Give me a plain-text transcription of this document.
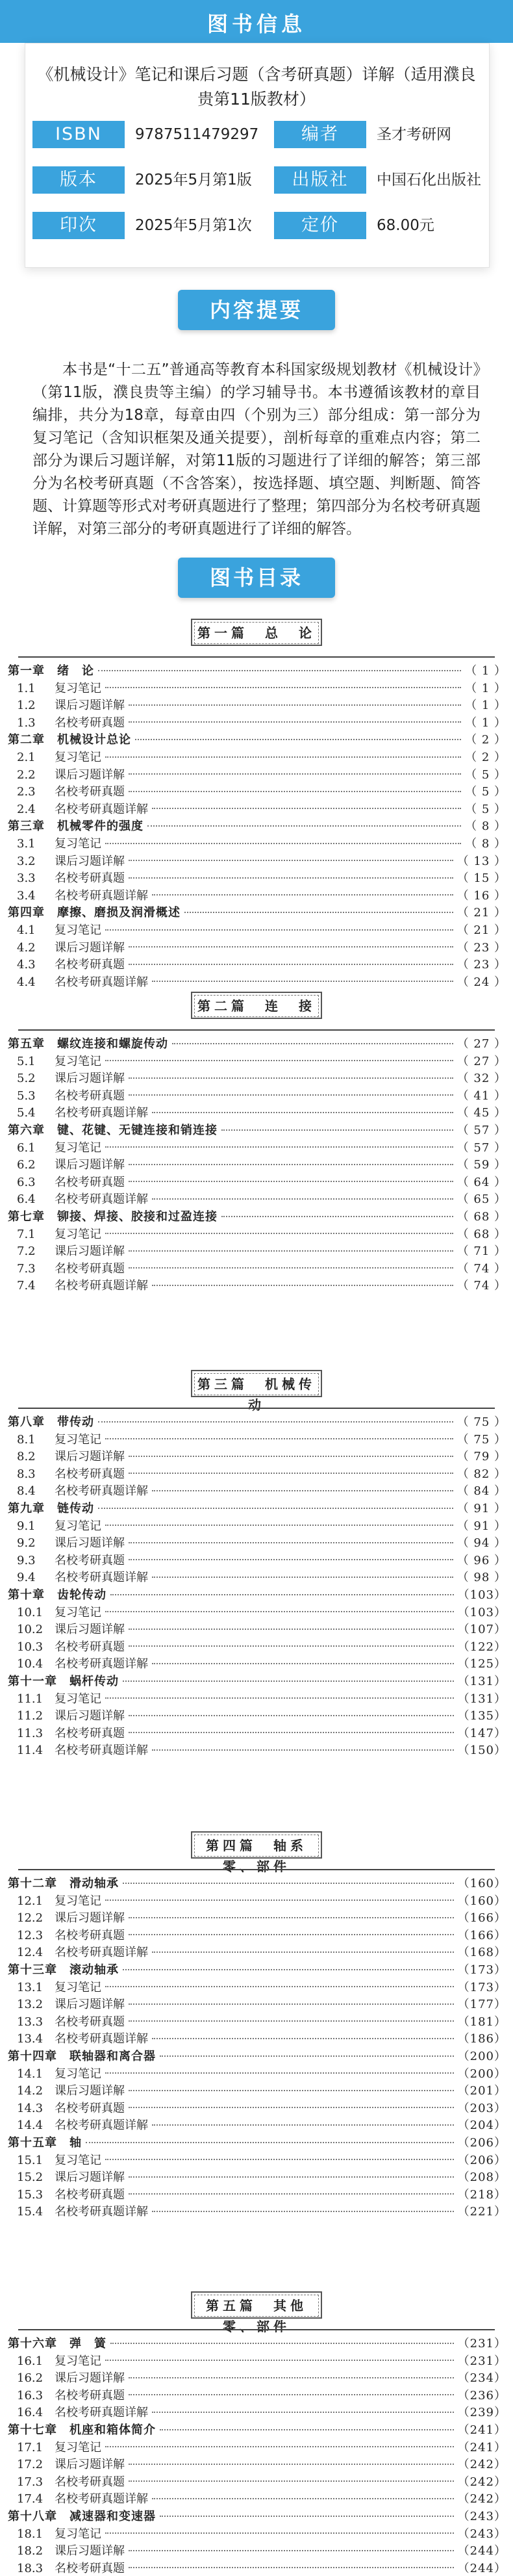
图书信息
《机械设计》笔记和课后习题（含考研真题）详解（适用濮良贵第11版教材）
ISBN	9787511479297	编者	圣才考研网
版本	2025年5月第1版	出版社	中国石化出版社
印次	2025年5月第1次	定价	68.00元
内容提要
本书是“十二五”普通高等教育本科国家级规划教材《机械设计》（第11版，濮良贵等主编）的学习辅导书。本书遵循该教材的章目编排，共分为18章，每章由四（个别为三）部分组成：第一部分为复习笔记（含知识框架及通关提要），剖析每章的重难点内容；第二部分为课后习题详解，对第11版的习题进行了详细的解答；第三部分为名校考研真题（不含答案），按选择题、填空题、判断题、简答题、计算题等形式对考研真题进行了整理；第四部分为名校考研真题详解，对第三部分的考研真题进行了详细的解答。
图书目录
第一篇　总　论
第一章　绪　论	（ 1 ）
1.1 复习笔记	（ 1 ）
1.2 课后习题详解	（ 1 ）
1.3 名校考研真题	（ 1 ）
第二章　机械设计总论	（ 2 ）
2.1 复习笔记	（ 2 ）
2.2 课后习题详解	（ 5 ）
2.3 名校考研真题	（ 5 ）
2.4 名校考研真题详解	（ 5 ）
第三章　机械零件的强度	（ 8 ）
3.1 复习笔记	（ 8 ）
3.2 课后习题详解	（ 13 ）
3.3 名校考研真题	（ 15 ）
3.4 名校考研真题详解	（ 16 ）
第四章　摩擦、磨损及润滑概述	（ 21 ）
4.1 复习笔记	（ 21 ）
4.2 课后习题详解	（ 23 ）
4.3 名校考研真题	（ 23 ）
4.4 名校考研真题详解	（ 24 ）
第二篇　连　接
第五章　螺纹连接和螺旋传动	（ 27 ）
5.1 复习笔记	（ 27 ）
5.2 课后习题详解	（ 32 ）
5.3 名校考研真题	（ 41 ）
5.4 名校考研真题详解	（ 45 ）
第六章　键、花键、无键连接和销连接	（ 57 ）
6.1 复习笔记	（ 57 ）
6.2 课后习题详解	（ 59 ）
6.3 名校考研真题	（ 64 ）
6.4 名校考研真题详解	（ 65 ）
第七章　铆接、焊接、胶接和过盈连接	（ 68 ）
7.1 复习笔记	（ 68 ）
7.2 课后习题详解	（ 71 ）
7.3 名校考研真题	（ 74 ）
7.4 名校考研真题详解	（ 74 ）
第三篇　机械传动
第八章　带传动	（ 75 ）
8.1 复习笔记	（ 75 ）
8.2 课后习题详解	（ 79 ）
8.3 名校考研真题	（ 82 ）
8.4 名校考研真题详解	（ 84 ）
第九章　链传动	（ 91 ）
9.1 复习笔记	（ 91 ）
9.2 课后习题详解	（ 94 ）
9.3 名校考研真题	（ 96 ）
9.4 名校考研真题详解	（ 98 ）
第十章　齿轮传动	（103）
10.1 复习笔记	（103）
10.2 课后习题详解	（107）
10.3 名校考研真题	（122）
10.4 名校考研真题详解	（125）
第十一章　蜗杆传动	（131）
11.1 复习笔记	（131）
11.2 课后习题详解	（135）
11.3 名校考研真题	（147）
11.4 名校考研真题详解	（150）
第四篇　轴系零、部件
第十二章　滑动轴承	（160）
12.1 复习笔记	（160）
12.2 课后习题详解	（166）
12.3 名校考研真题	（166）
12.4 名校考研真题详解	（168）
第十三章　滚动轴承	（173）
13.1 复习笔记	（173）
13.2 课后习题详解	（177）
13.3 名校考研真题	（181）
13.4 名校考研真题详解	（186）
第十四章　联轴器和离合器	（200）
14.1 复习笔记	（200）
14.2 课后习题详解	（201）
14.3 名校考研真题	（203）
14.4 名校考研真题详解	（204）
第十五章　轴	（206）
15.1 复习笔记	（206）
15.2 课后习题详解	（208）
15.3 名校考研真题	（218）
15.4 名校考研真题详解	（221）
第五篇　其他零、部件
第十六章　弹　簧	（231）
16.1 复习笔记	（231）
16.2 课后习题详解	（234）
16.3 名校考研真题	（236）
16.4 名校考研真题详解	（239）
第十七章　机座和箱体简介	（241）
17.1 复习笔记	（241）
17.2 课后习题详解	（242）
17.3 名校考研真题	（242）
17.4 名校考研真题详解	（242）
第十八章　减速器和变速器	（243）
18.1 复习笔记	（243）
18.2 课后习题详解	（244）
18.3 名校考研真题	（244）
